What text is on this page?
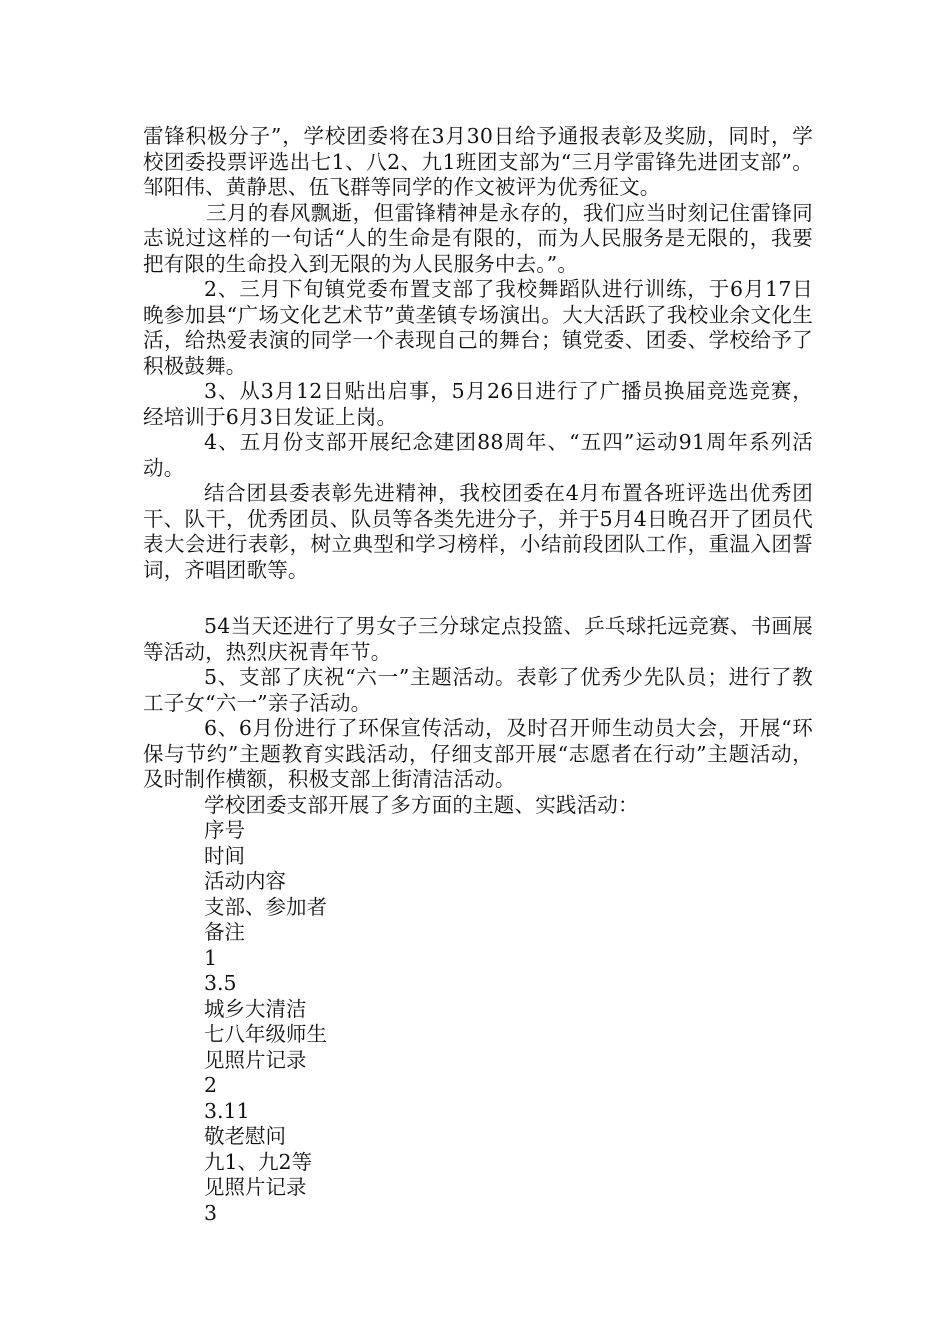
雷锋积极分子”，学校团委将在3月30日给予通报表彰及奖励，同时，学校团委投票评选出七1、八2、九1班团支部为“三月学雷锋先进团支部”。邹阳伟、黄静思、伍飞群等同学的作文被评为优秀征文。

三月的春风飘逝，但雷锋精神是永存的，我们应当时刻记住雷锋同志说过这样的一句话“人的生命是有限的，而为人民服务是无限的，我要把有限的生命投入到无限的为人民服务中去。”。

2、三月下旬镇党委布置支部了我校舞蹈队进行训练，于6月17日晚参加县“广场文化艺术节”黄垄镇专场演出。大大活跃了我校业余文化生活，给热爱表演的同学一个表现自己的舞台；镇党委、团委、学校给予了积极鼓舞。

3、从3月12日贴出启事，5月26日进行了广播员换届竞选竞赛，经培训于6月3日发证上岗。

4、五月份支部开展纪念建团88周年、“五四”运动91周年系列活动。

结合团县委表彰先进精神，我校团委在4月布置各班评选出优秀团干、队干，优秀团员、队员等各类先进分子，并于5月4日晚召开了团员代表大会进行表彰，树立典型和学习榜样，小结前段团队工作，重温入团誓词，齐唱团歌等。

54当天还进行了男女子三分球定点投篮、乒乓球托远竞赛、书画展等活动，热烈庆祝青年节。

5、支部了庆祝“六一”主题活动。表彰了优秀少先队员；进行了教工子女“六一”亲子活动。

6、6月份进行了环保宣传活动，及时召开师生动员大会，开展“环保与节约”主题教育实践活动，仔细支部开展“志愿者在行动”主题活动，及时制作横额，积极支部上街清洁活动。

学校团委支部开展了多方面的主题、实践活动：

序号
时间
活动内容
支部、参加者
备注
1
3.5
城乡大清洁
七八年级师生
见照片记录
2
3.11
敬老慰问
九1、九2等
见照片记录
3
